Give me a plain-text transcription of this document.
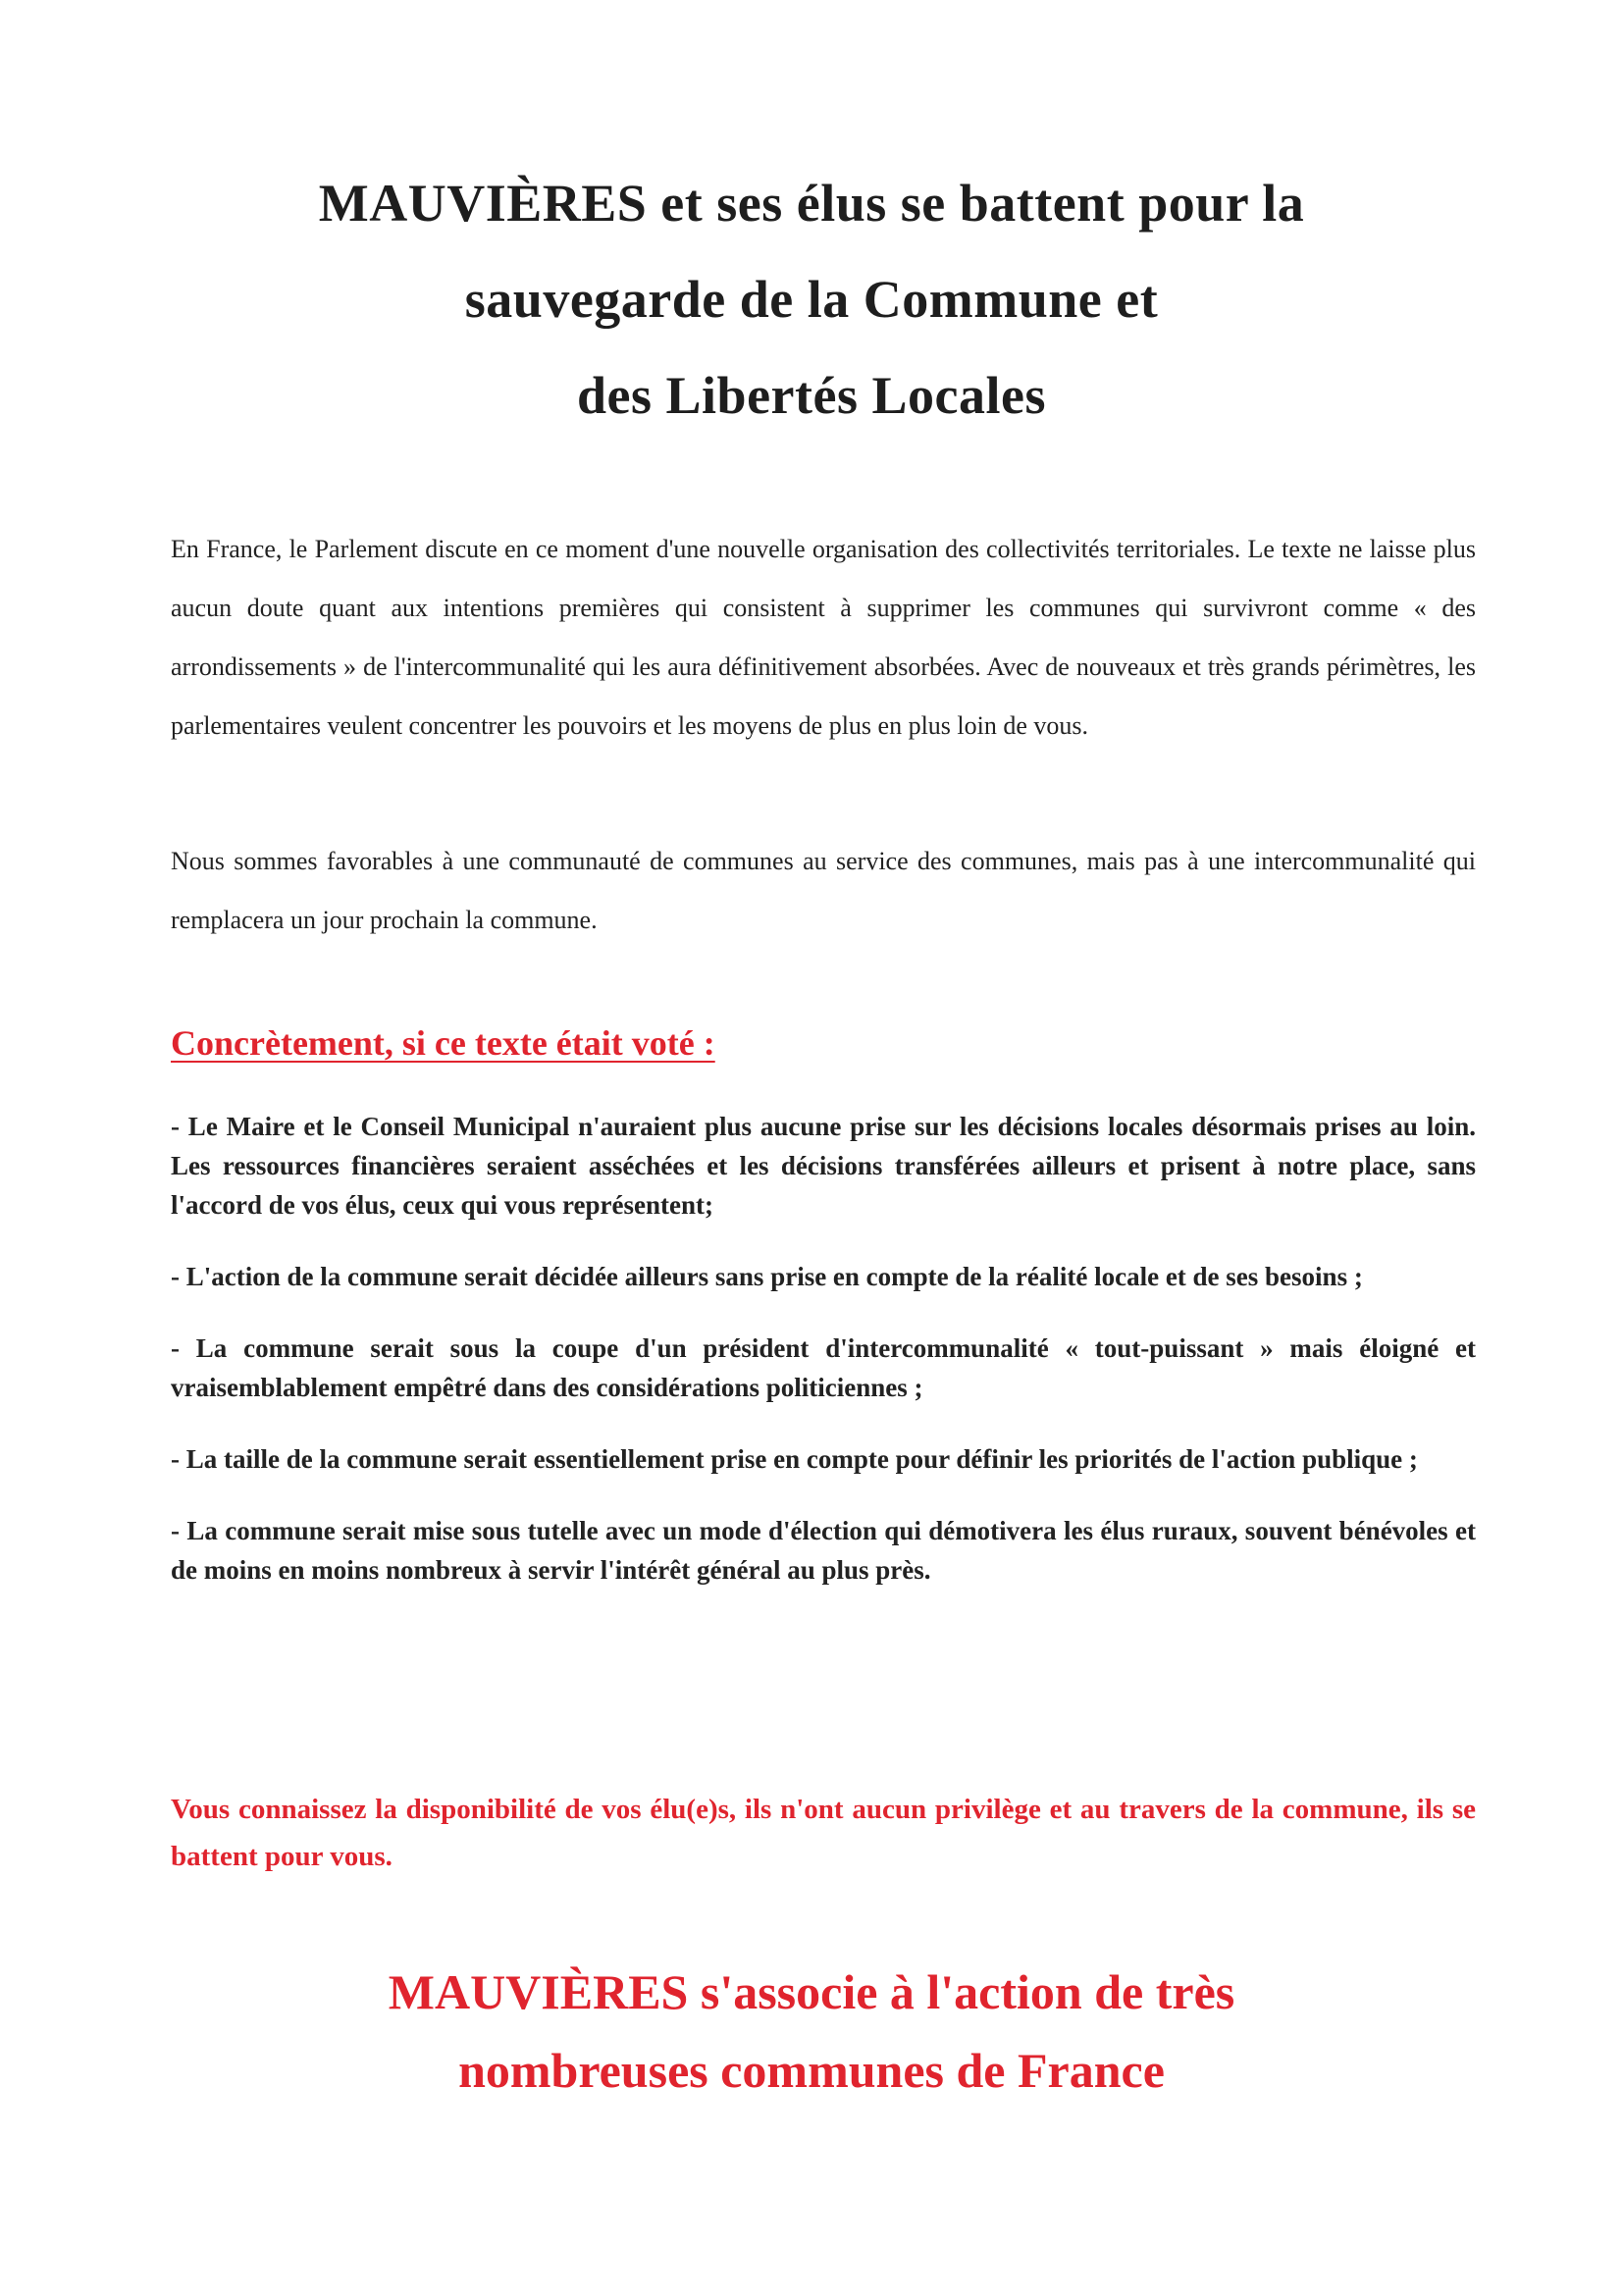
MAUVIÈRES et ses élus se battent pour la
sauvegarde de la Commune et
des Libertés Locales

En France, le Parlement discute en ce moment d'une nouvelle organisation des collectivités territoriales. Le texte ne laisse plus aucun doute quant aux intentions premières qui consistent à supprimer les communes qui survivront comme « des arrondissements » de l'intercommunalité qui les aura définitivement absorbées. Avec de nouveaux et très grands périmètres, les parlementaires veulent concentrer les pouvoirs et les moyens de plus en plus loin de vous.

Nous sommes favorables à une communauté de communes au service des communes, mais pas à une intercommunalité qui remplacera un jour prochain la commune.

Concrètement, si ce texte était voté :
- Le Maire et le Conseil Municipal n'auraient plus aucune prise sur les décisions locales désormais prises au loin. Les ressources financières seraient asséchées et les décisions transférées ailleurs et prisent à notre place, sans l'accord de vos élus, ceux qui vous représentent;
- L'action de la commune serait décidée ailleurs sans prise en compte de la réalité locale et de ses besoins ;
- La commune serait sous la coupe d'un président d'intercommunalité « tout-puissant » mais éloigné et vraisemblablement empêtré dans des considérations politiciennes ;
- La taille de la commune serait essentiellement prise en compte pour définir les priorités de l'action publique ;
- La commune serait mise sous tutelle avec un mode d'élection qui démotivera les élus ruraux, souvent bénévoles et de moins en moins nombreux à servir l'intérêt général au plus près.

Vous connaissez la disponibilité de vos élu(e)s, ils n'ont aucun privilège et au travers de la commune, ils se battent pour vous.

MAUVIÈRES s'associe à l'action de très
nombreuses communes de France
